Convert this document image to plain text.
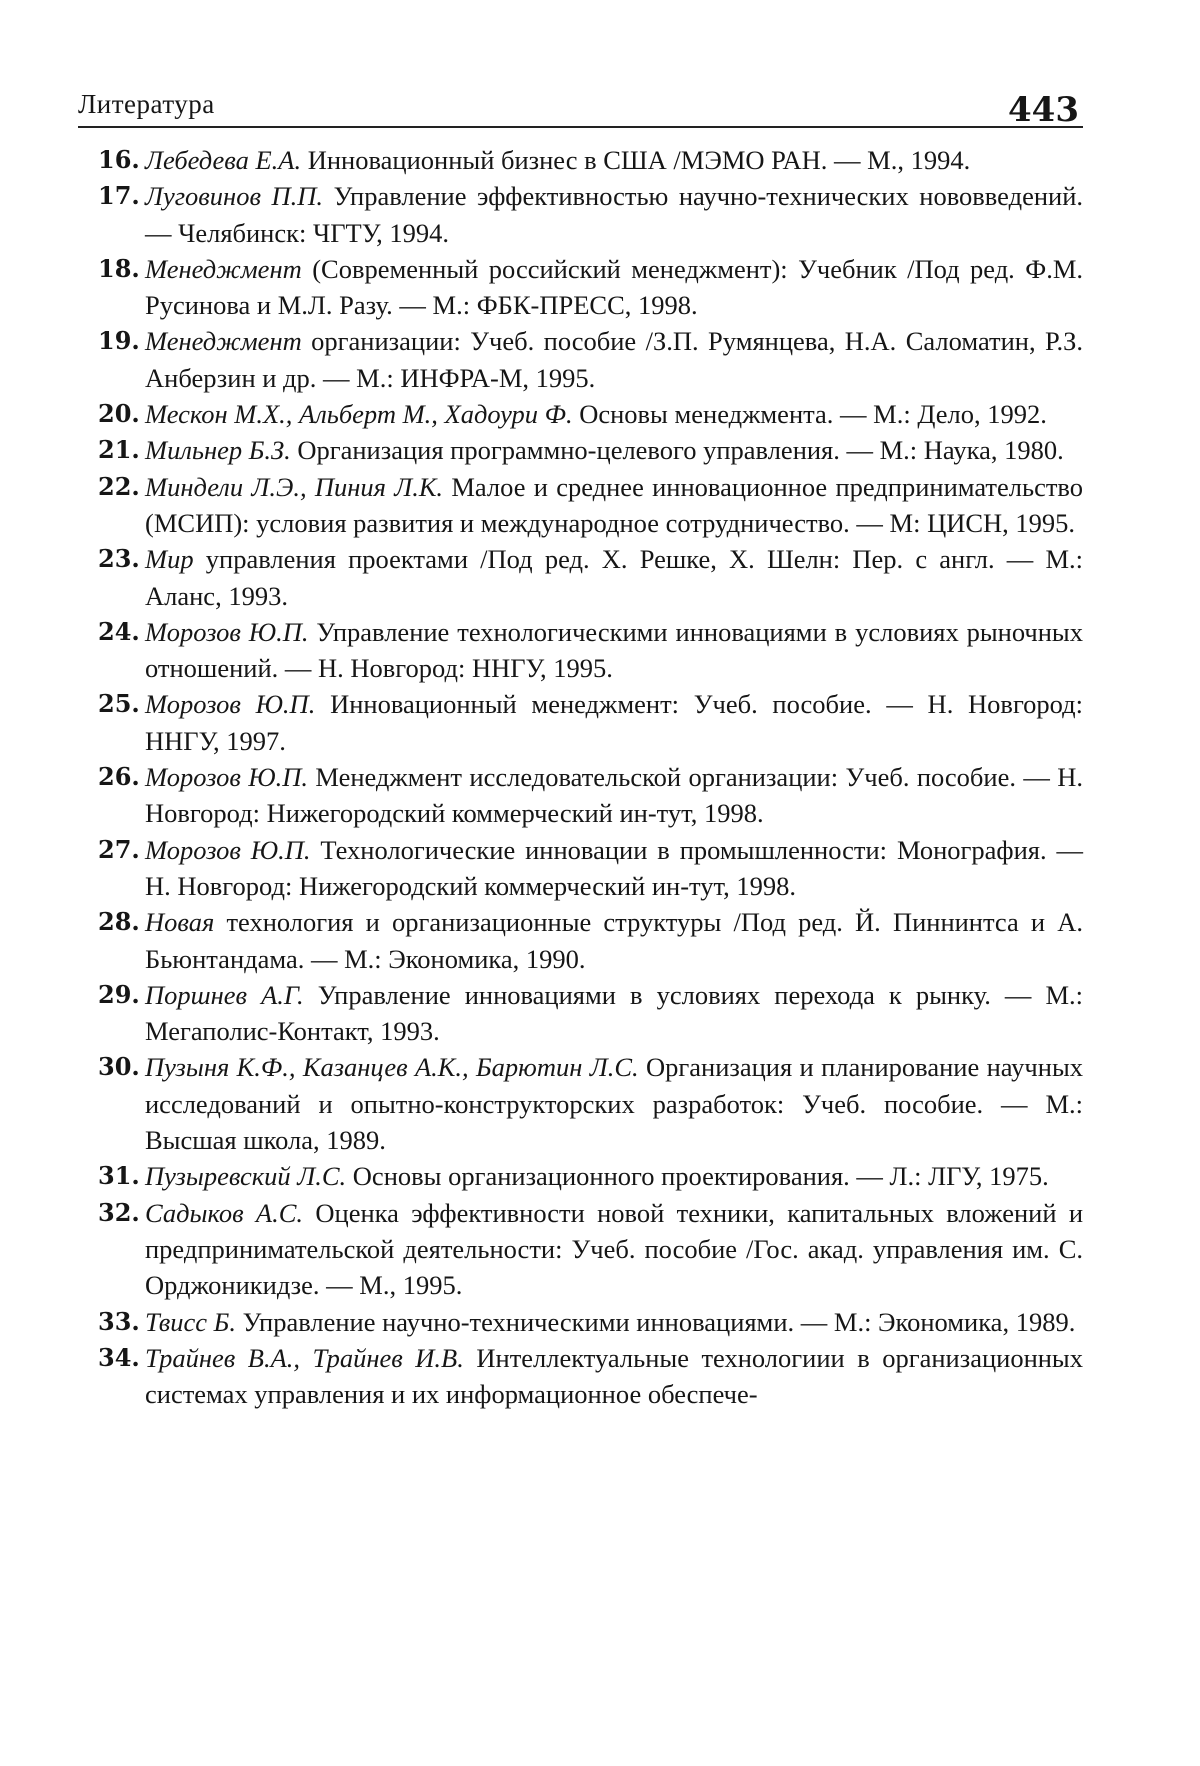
Литература	443
16. Лебедева Е.А. Инновационный бизнес в США /МЭМО РАН. — М., 1994.
17. Луговинов П.П. Управление эффективностью научно-технических нововведений. — Челябинск: ЧГТУ, 1994.
18. Менеджмент (Современный российский менеджмент): Учебник /Под ред. Ф.М. Русинова и М.Л. Разу. — М.: ФБК-ПРЕСС, 1998.
19. Менеджмент организации: Учеб. пособие /З.П. Румянцева, Н.А. Саломатин, Р.З. Анберзин и др. — М.: ИНФРА-М, 1995.
20. Мескон М.Х., Альберт М., Хадоури Ф. Основы менеджмента. — М.: Дело, 1992.
21. Мильнер Б.З. Организация программно-целевого управления. — М.: Наука, 1980.
22. Миндели Л.Э., Пиния Л.К. Малое и среднее инновационное предпринимательство (МСИП): условия развития и международное сотрудничество. — М: ЦИСН, 1995.
23. Мир управления проектами /Под ред. Х. Решке, Х. Шелн: Пер. с англ. — М.: Аланс, 1993.
24. Морозов Ю.П. Управление технологическими инновациями в условиях рыночных отношений. — Н. Новгород: ННГУ, 1995.
25. Морозов Ю.П. Инновационный менеджмент: Учеб. пособие. — Н. Новгород: ННГУ, 1997.
26. Морозов Ю.П. Менеджмент исследовательской организации: Учеб. пособие. — Н. Новгород: Нижегородский коммерческий ин-тут, 1998.
27. Морозов Ю.П. Технологические инновации в промышленности: Монография. — Н. Новгород: Нижегородский коммерческий ин-тут, 1998.
28. Новая технология и организационные структуры /Под ред. Й. Пиннинтса и А. Бьюнтандама. — М.: Экономика, 1990.
29. Поршнев А.Г. Управление инновациями в условиях перехода к рынку. — М.: Мегаполис-Контакт, 1993.
30. Пузыня К.Ф., Казанцев А.К., Барютин Л.С. Организация и планирование научных исследований и опытно-конструкторских разработок: Учеб. пособие. — М.: Высшая школа, 1989.
31. Пузыревский Л.С. Основы организационного проектирования. — Л.: ЛГУ, 1975.
32. Садыков А.С. Оценка эффективности новой техники, капитальных вложений и предпринимательской деятельности: Учеб. пособие /Гос. акад. управления им. С. Орджоникидзе. — М., 1995.
33. Твисс Б. Управление научно-техническими инновациями. — М.: Экономика, 1989.
34. Трайнев В.А., Трайнев И.В. Интеллектуальные технологиии в организационных системах управления и их информационное обеспече-
